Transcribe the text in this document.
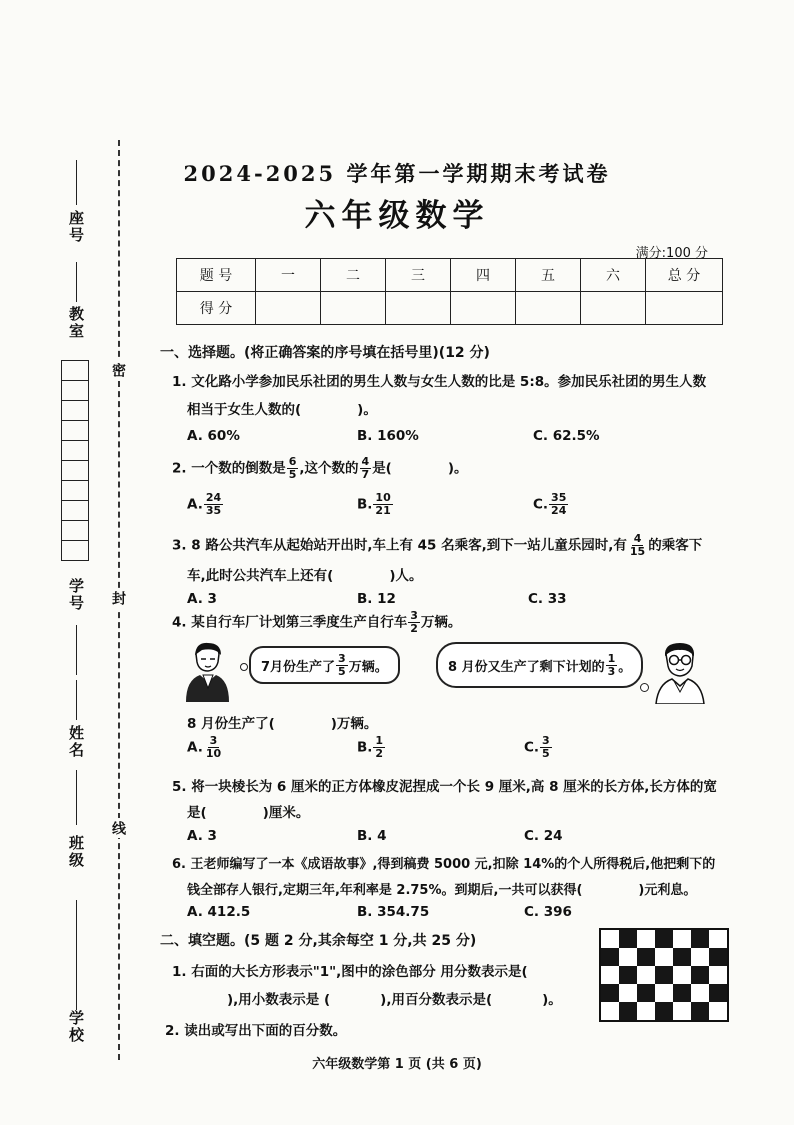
座号
教室
学号
姓名
班级
学校
密
封
线
2024-2025 学年第一学期期末考试卷
六年级数学
满分:100 分
题 号	一	二	三	四	五	六	总 分
得 分							
一、选择题。(将正确答案的序号填在括号里)(12 分)
1. 文化路小学参加民乐社团的男生人数与女生人数的比是 5:8。参加民乐社团的男生人数
相当于女生人数的(	)。
A. 60%	B. 160%	C. 62.5%
2. 一个数的倒数是 $\frac{6}{5}$ ,这个数的 $\frac{4}{7}$ 是(	)。
A. $\frac{24}{35}$	B. $\frac{10}{21}$	C. $\frac{35}{24}$
3. 8 路公共汽车从起始站开出时,车上有 45 名乘客,到下一站儿童乐园时,有 $\frac{4}{15}$ 的乘客下
车,此时公共汽车上还有(	)人。
A. 3	B. 12	C. 33
4. 某自行车厂计划第三季度生产自行车 $\frac{3}{2}$ 万辆。
7月份生产了 $\frac{3}{5}$ 万辆。	8 月份又生产了剩下计划的 $\frac{1}{3}$ 。
8 月份生产了(	)万辆。
A. $\frac{3}{10}$	B. $\frac{1}{2}$	C. $\frac{3}{5}$
5. 将一块棱长为 6 厘米的正方体橡皮泥捏成一个长 9 厘米,高 8 厘米的长方体,长方体的宽
是(	)厘米。
A. 3	B. 4	C. 24
6. 王老师编写了一本《成语故事》,得到稿费 5000 元,扣除 14%的个人所得税后,他把剩下的
钱全部存人银行,定期三年,年利率是 2.75%。到期后,一共可以获得(	)元利息。
A. 412.5	B. 354.75	C. 396
二、填空题。(5 题 2 分,其余每空 1 分,共 25 分)
1. 右面的大长方形表示"1",图中的涂色部分 用分数表示是(
),用小数表示是 (	),用百分数表示是(	)。
2. 读出或写出下面的百分数。
六年级数学第 1 页 (共 6 页)
